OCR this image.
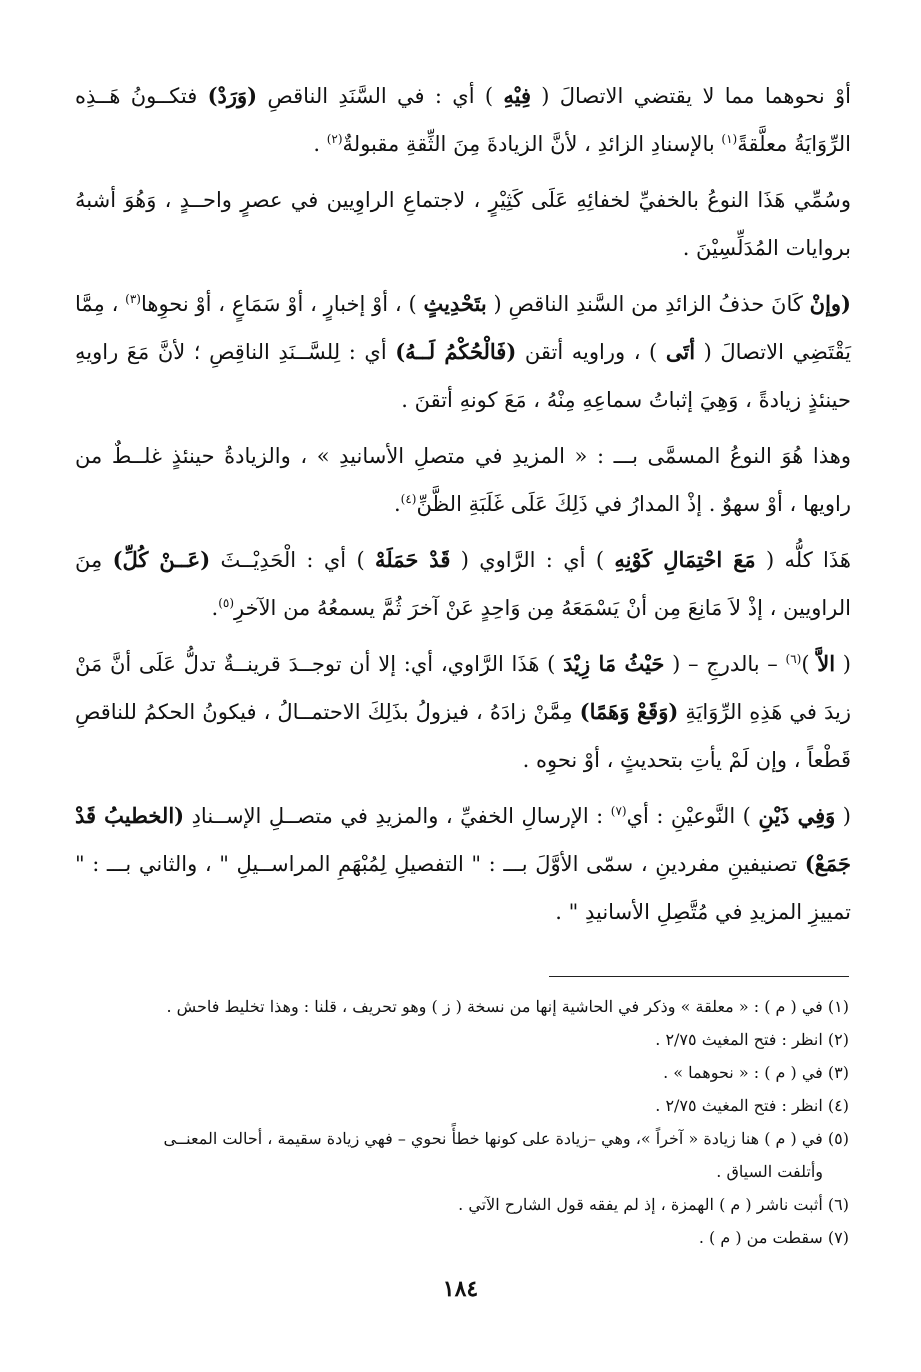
أوْ نحوهما مما لا يقتضي الاتصالَ ( فِيْهِ ) أي : في السَّنَدِ الناقصِ (وَرَدْ) فتكــونُ هَــذِه الرِّوَايَةُ معلَّقةً$^{(١)}$ بالإسنادِ الزائدِ ، لأنَّ الزيادةَ مِنَ الثِّقةِ مقبولةٌ$^{(٢)}$ .

وسُمِّي هَذَا النوعُ بالخفيِّ لخفائِهِ عَلَى كَثِيْرٍ ، لاجتماعِ الراوِيين في عصرٍ واحــدٍ ، وَهُوَ أشبهُ بروايات المُدَلِّسِيْنَ .

(وإنْ كَانَ حذفُ الزائدِ من السَّندِ الناقصِ ( بتَحْدِيثٍ ) ، أوْ إخبارٍ ، أوْ سَمَاعٍ ، أوْ نحوِها$^{(٣)}$ ، مِمَّا يَقْتَضِي الاتصالَ ( أتَى ) ، وراويه أتقن (فَالْحُكْمُ لَــهُ) أي : لِلسَّــنَدِ الناقِصِ ؛ لأنَّ مَعَ راويهِ حينئذٍ زيادةً ، وَهِيَ إثباتُ سماعِهِ مِنْهُ ، مَعَ كونهِ أتقنَ .

وهذا هُوَ النوعُ المسمَّى بـــ : « المزيدِ في متصلِ الأسانيدِ » ، والزيادةُ حينئذٍ غلــطٌ من راويها ، أوْ سهوٌ . إذْ المدارُ في ذَلِكَ عَلَى غَلَبَةِ الظَّنِّ$^{(٤)}$.

هَذَا كلُّه ( مَعَ احْتِمَالِ كَوْنِهِ ) أي : الرَّاوي ( قَدْ حَمَلَهْ ) أي : الْحَدِيْــثَ (عَــنْ كُلِّ) مِنَ الراويين ، إذْ لاَ مَانِعَ مِن أنْ يَسْمَعَهُ مِن وَاحِدٍ عَنْ آخرَ ثُمَّ يسمعُهُ من الآخرِ$^{(٥)}$.

( الاَّ )$^{(٦)}$ – بالدرجِ – ( حَيْثُ مَا زِيْدَ ) هَذَا الرَّاوي، أي: إلا أن توجــدَ قرينــةٌ تدلُّ عَلَى أنَّ مَنْ زيدَ في هَذِهِ الرِّوَايَةِ (وَقَعْ وَهَمًا) مِمَّنْ زادَهُ ، فيزولُ بذَلِكَ الاحتمــالُ ، فيكونُ الحكمُ للناقصِ قَطْعاً ، وإن لَمْ يأتِ بتحديثٍ ، أوْ نحوِه .

( وَفِي ذَيْنِ ) النَّوعيْنِ : أي$^{(٧)}$ : الإرسالِ الخفيِّ ، والمزيدِ في متصــلِ الإســنادِ (الخطيبُ قَدْ جَمَعْ) تصنيفينِ مفردينِ ، سمّى الأوَّلَ بـــ : " التفصيلِ لِمُبْهَمِ المراســيلِ " ، والثاني بـــ : " تمييزِ المزيدِ في مُتَّصِلِ الأسانيدِ " .

(١) في ( م ) : « معلقة » وذكر في الحاشية إنها من نسخة ( ز ) وهو تحريف ، قلنا : وهذا تخليط فاحش .

(٢) انظر : فتح المغيث ٢/٧٥ .

(٣) في ( م ) : « نحوهما » .

(٤) انظر : فتح المغيث ٢/٧٥ .

(٥) في ( م ) هنا زيادة « آخراً »، وهي –زيادة على كونها خطأً نحوي – فهي زيادة سقيمة ، أحالت المعنــى

وأتلفت السياق .

(٦) أثبت ناشر ( م ) الهمزة ، إذ لم يفقه قول الشارح الآتي .

(٧) سقطت من ( م ) .

١٨٤
